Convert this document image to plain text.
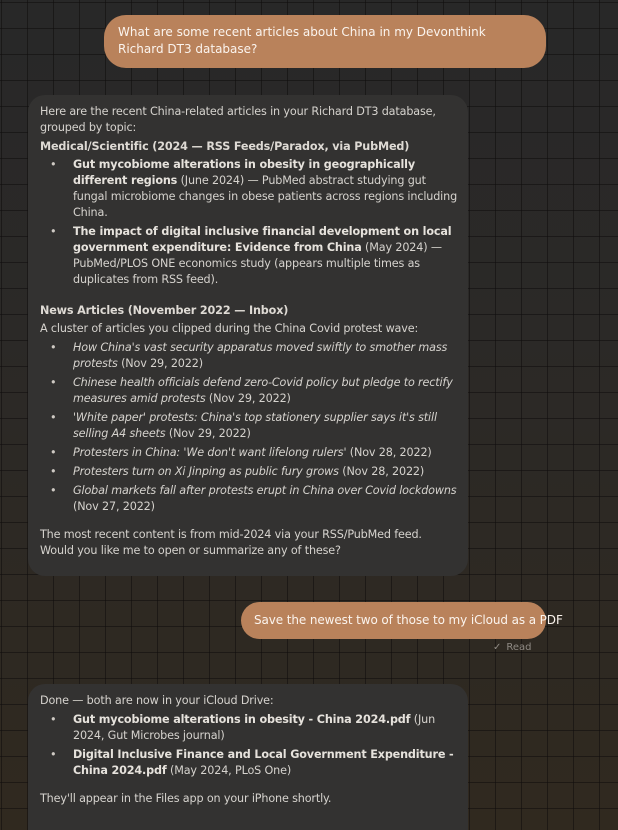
What are some recent articles about China in my Devonthink Richard DT3 database?

Here are the recent China-related articles in your Richard DT3 database, grouped by topic:

Medical/Scientific (2024 — RSS Feeds/Paradox, via PubMed)

• Gut mycobiome alterations in obesity in geographically different regions (June 2024) — PubMed abstract studying gut fungal microbiome changes in obese patients across regions including China.
• The impact of digital inclusive financial development on local government expenditure: Evidence from China (May 2024) — PubMed/PLOS ONE economics study (appears multiple times as duplicates from RSS feed).

News Articles (November 2022 — Inbox)

A cluster of articles you clipped during the China Covid protest wave:

• How China's vast security apparatus moved swiftly to smother mass protests (Nov 29, 2022)
• Chinese health officials defend zero-Covid policy but pledge to rectify measures amid protests (Nov 29, 2022)
• 'White paper' protests: China's top stationery supplier says it's still selling A4 sheets (Nov 29, 2022)
• Protesters in China: 'We don't want lifelong rulers' (Nov 28, 2022)
• Protesters turn on Xi Jinping as public fury grows (Nov 28, 2022)
• Global markets fall after protests erupt in China over Covid lockdowns (Nov 27, 2022)

The most recent content is from mid-2024 via your RSS/PubMed feed. Would you like me to open or summarize any of these?

Save the newest two of those to my iCloud as a PDF
✓ Read

Done — both are now in your iCloud Drive:

• Gut mycobiome alterations in obesity - China 2024.pdf (Jun 2024, Gut Microbes journal)
• Digital Inclusive Finance and Local Government Expenditure - China 2024.pdf (May 2024, PLoS One)

They'll appear in the Files app on your iPhone shortly.
